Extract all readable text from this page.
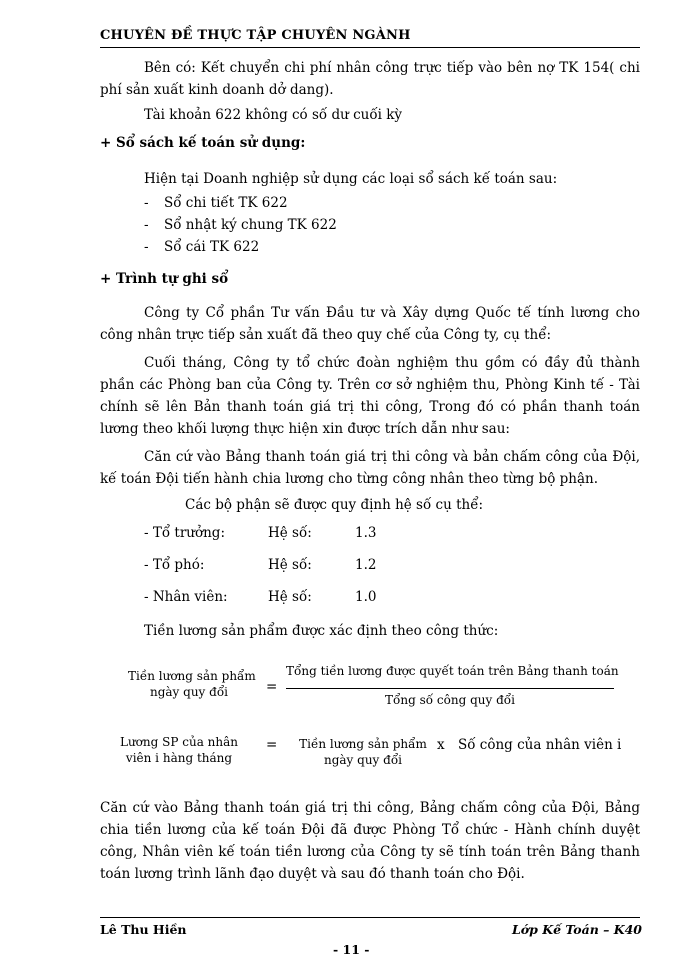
CHUYÊN ĐỀ THỰC TẬP CHUYÊN NGÀNH
Bên có: Kết chuyển chi phí nhân công trực tiếp vào bên nợ TK 154( chi phí sản xuất kinh doanh dở dang).
Tài khoản 622 không có số dư cuối kỳ
+ Sổ sách kế toán sử dụng:
Hiện tại Doanh nghiệp sử dụng các loại sổ sách kế toán sau:
- Sổ chi tiết TK 622
- Sổ nhật ký chung TK 622
- Sổ cái TK 622
+ Trình tự ghi sổ
Công ty Cổ phần Tư vấn Đầu tư và Xây dựng Quốc tế tính lương cho công nhân trực tiếp sản xuất đã theo quy chế của Công ty, cụ thể:
Cuối tháng, Công ty tổ chức đoàn nghiệm thu gồm có đầy đủ thành phần các Phòng ban của Công ty. Trên cơ sở nghiệm thu, Phòng Kinh tế - Tài chính sẽ lên Bản thanh toán giá trị thi công, Trong đó có phần thanh toán lương theo khối lượng thực hiện xin được trích dẫn như sau:
Căn cứ vào Bảng thanh toán giá trị thi công và bản chấm công của Đội, kế toán Đội tiến hành chia lương cho từng công nhân theo từng bộ phận.
Các bộ phận sẽ được quy định hệ số cụ thể:
- Tổ trưởng:	Hệ số:	1.3
- Tổ phó:	Hệ số:	1.2
- Nhân viên:	Hệ số:	1.0
Tiền lương sản phẩm được xác định theo công thức:
Tiền lương sản phẩm
ngày quy đổi	=
Tổng tiền lương được quyết toán trên Bảng thanh toán
Tổng số công quy đổi
Lương SP của nhân
viên i hàng tháng
= Tiền lương sản phẩm
ngày quy đổi
x Số công của nhân viên i
Căn cứ vào Bảng thanh toán giá trị thi công, Bảng chấm công của Đội, Bảng chia tiền lương của kế toán Đội đã được Phòng Tổ chức - Hành chính duyệt công, Nhân viên kế toán tiền lương của Công ty sẽ tính toán trên Bảng thanh toán lương trình lãnh đạo duyệt và sau đó thanh toán cho Đội.
Lê Thu Hiền	Lớp Kế Toán – K40
- 11 -
